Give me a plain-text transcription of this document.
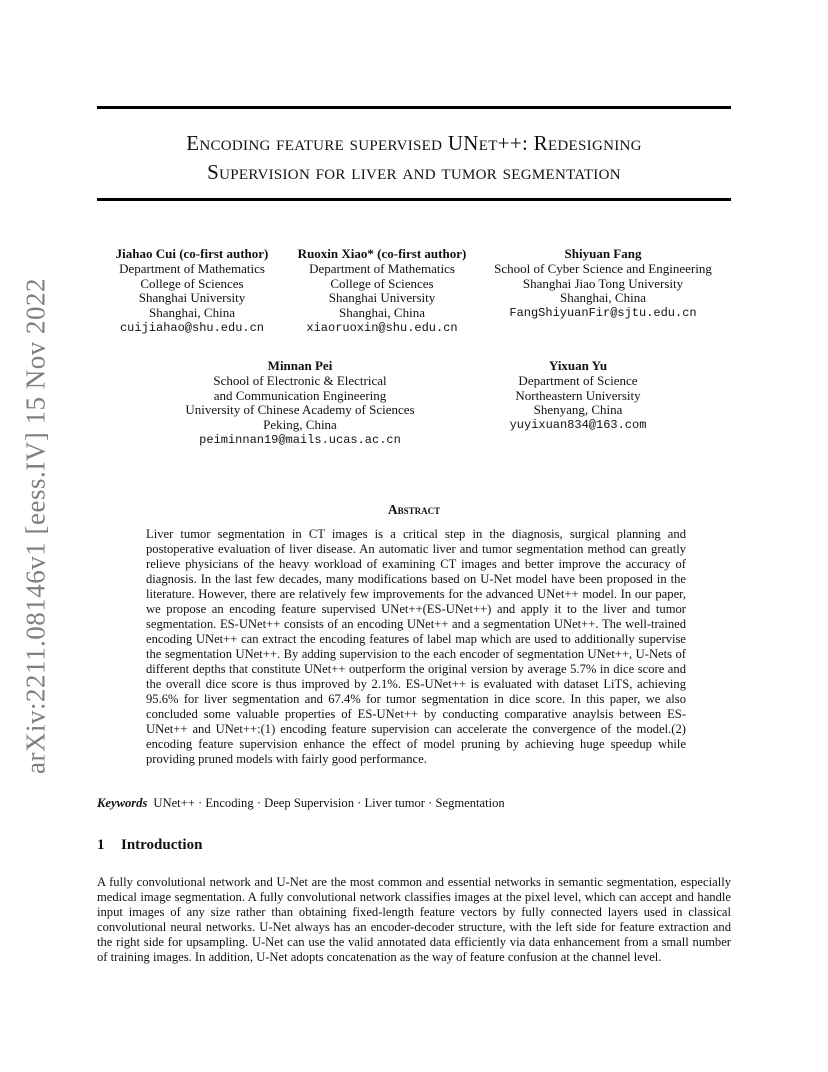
arXiv:2211.08146v1 [eess.IV] 15 Nov 2022
Encoding feature supervised UNet++: Redesigning
Supervision for liver and tumor segmentation
Jiahao Cui (co-first author)
Department of Mathematics
College of Sciences
Shanghai University
Shanghai, China
cuijiahao@shu.edu.cn
Ruoxin Xiao* (co-first author)
Department of Mathematics
College of Sciences
Shanghai University
Shanghai, China
xiaoruoxin@shu.edu.cn
Shiyuan Fang
School of Cyber Science and Engineering
Shanghai Jiao Tong University
Shanghai, China
FangShiyuanFir@sjtu.edu.cn
Minnan Pei
School of Electronic & Electrical
and Communication Engineering
University of Chinese Academy of Sciences
Peking, China
peiminnan19@mails.ucas.ac.cn
Yixuan Yu
Department of Science
Northeastern University
Shenyang, China
yuyixuan834@163.com
Abstract
Liver tumor segmentation in CT images is a critical step in the diagnosis, surgical planning and postoperative evaluation of liver disease. An automatic liver and tumor segmentation method can greatly relieve physicians of the heavy workload of examining CT images and better improve the accuracy of diagnosis. In the last few decades, many modifications based on U-Net model have been proposed in the literature. However, there are relatively few improvements for the advanced UNet++ model. In our paper, we propose an encoding feature supervised UNet++(ES-UNet++) and apply it to the liver and tumor segmentation. ES-UNet++ consists of an encoding UNet++ and a segmentation UNet++. The well-trained encoding UNet++ can extract the encoding features of label map which are used to additionally supervise the segmentation UNet++. By adding supervision to the each encoder of segmentation UNet++, U-Nets of different depths that constitute UNet++ outperform the original version by average 5.7% in dice score and the overall dice score is thus improved by 2.1%. ES-UNet++ is evaluated with dataset LiTS, achieving 95.6% for liver segmentation and 67.4% for tumor segmentation in dice score. In this paper, we also concluded some valuable properties of ES-UNet++ by conducting comparative anaylsis between ES-UNet++ and UNet++:(1) encoding feature supervision can accelerate the convergence of the model.(2) encoding feature supervision enhance the effect of model pruning by achieving huge speedup while providing pruned models with fairly good performance.
Keywords UNet++ · Encoding · Deep Supervision · Liver tumor · Segmentation
1 Introduction
A fully convolutional network and U-Net are the most common and essential networks in semantic segmentation, especially medical image segmentation. A fully convolutional network classifies images at the pixel level, which can accept and handle input images of any size rather than obtaining fixed-length feature vectors by fully connected layers used in classical convolutional neural networks. U-Net always has an encoder-decoder structure, with the left side for feature extraction and the right side for upsampling. U-Net can use the valid annotated data efficiently via data enhancement from a small number of training images. In addition, U-Net adopts concatenation as the way of feature confusion at the channel level.
